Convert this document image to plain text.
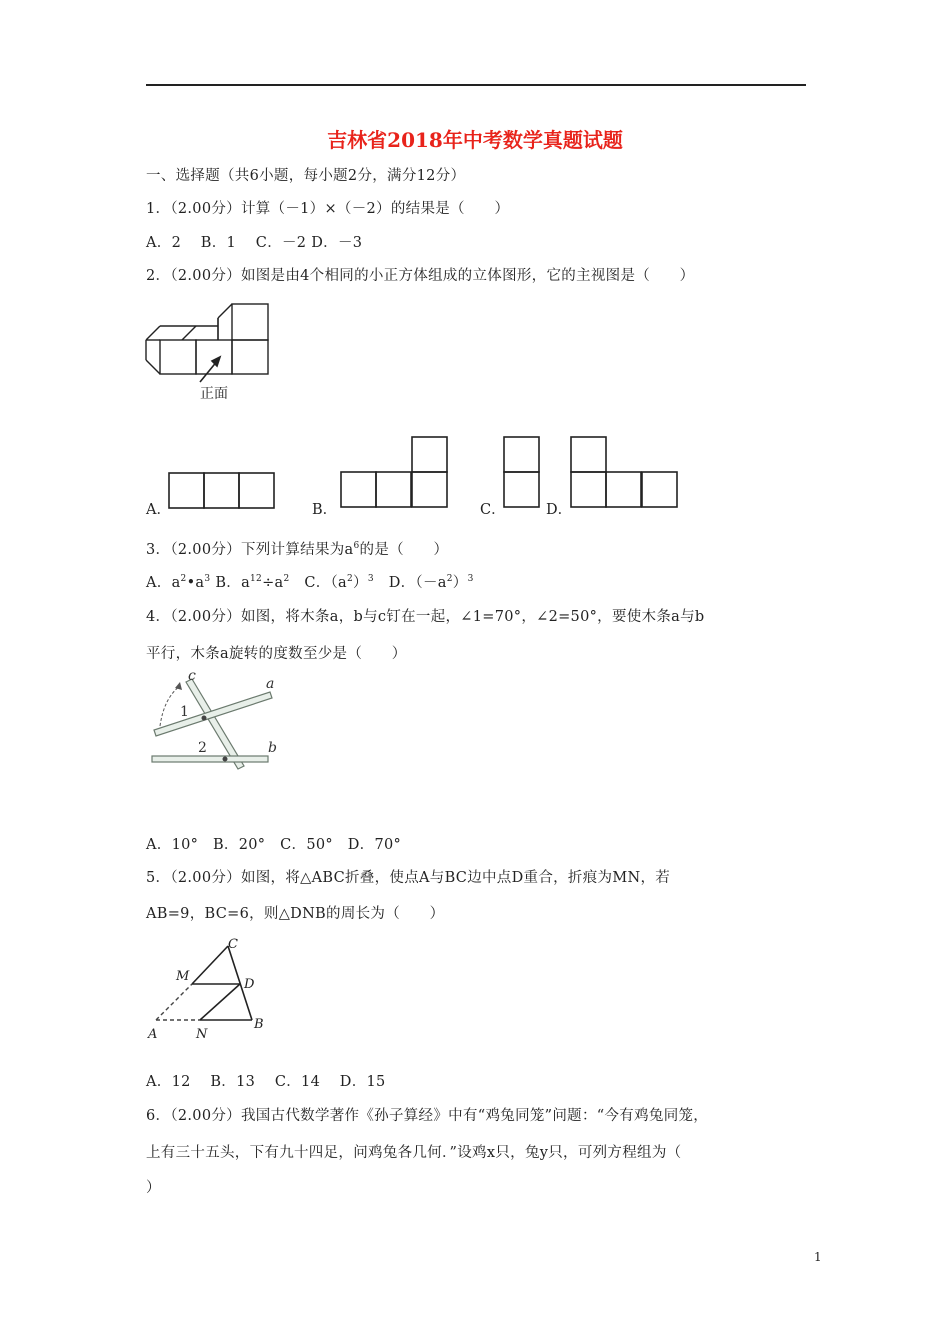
吉林省2018年中考数学真题试题
一、选择题（共6小题，每小题2分，满分12分）
1．（2.00分）计算（－1）×（－2）的结果是（　　）
A．2　 B．1　 C．－2 D．－3
2．（2.00分）如图是由4个相同的小正方体组成的立体图形，它的主视图是（　　）
正面
A．	B．	C．	D．
3．（2.00分）下列计算结果为$a^6$的是（　　）
A．$a^2•a^3$ B．$a^{12}\div a^2$　C．$(a^2)^3$　D．$(-a^2)^3$
4．（2.00分）如图，将木条a，b与c钉在一起，∠1=70°，∠2=50°，要使木条a与b
平行，木条a旋转的度数至少是（　　）
c	a
b
1
2
A．10°　B．20°　C．50°　D．70°
5．（2.00分）如图，将△ABC折叠，使点A与BC边中点D重合，折痕为MN，若
AB=9，BC=6，则△DNB的周长为（　　）
C
M
D
A	N
B
A．12　 B．13　 C．14　 D．15
6．（2.00分）我国古代数学著作《孙子算经》中有“鸡兔同笼”问题：“今有鸡兔同笼，
上有三十五头，下有九十四足，问鸡兔各几何．”设鸡x只，兔y只，可列方程组为（
）
1
